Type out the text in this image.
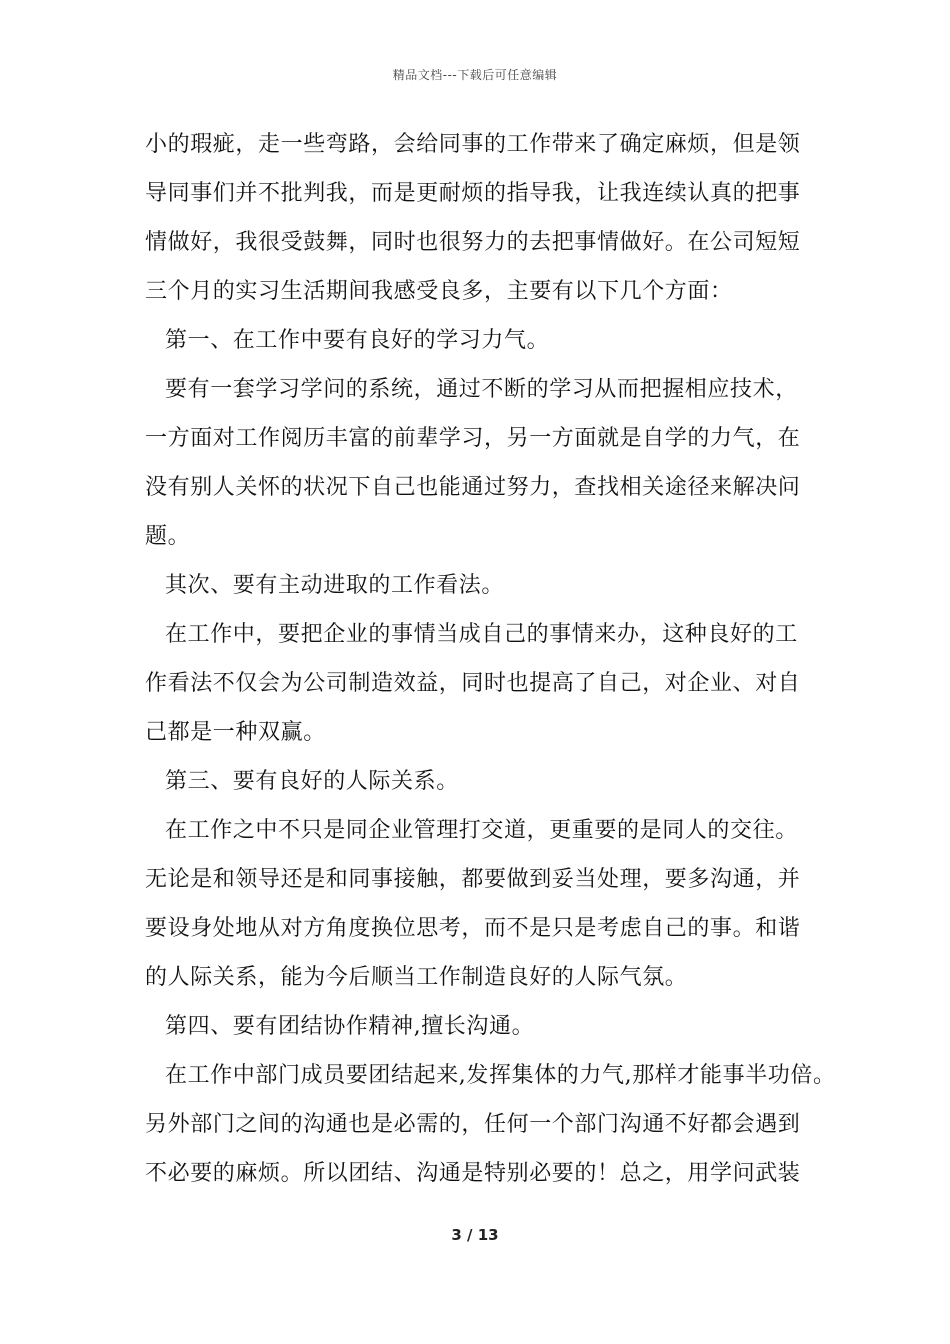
精品文档---下载后可任意编辑
小的瑕疵，走一些弯路，会给同事的工作带来了确定麻烦，但是领
导同事们并不批判我，而是更耐烦的指导我，让我连续认真的把事
情做好，我很受鼓舞，同时也很努力的去把事情做好。在公司短短
三个月的实习生活期间我感受良多，主要有以下几个方面：
第一、在工作中要有良好的学习力气。
要有一套学习学问的系统，通过不断的学习从而把握相应技术，
一方面对工作阅历丰富的前辈学习，另一方面就是自学的力气，在
没有别人关怀的状况下自己也能通过努力，查找相关途径来解决问
题。
其次、要有主动进取的工作看法。
在工作中，要把企业的事情当成自己的事情来办，这种良好的工
作看法不仅会为公司制造效益，同时也提高了自己，对企业、对自
己都是一种双赢。
第三、要有良好的人际关系。
在工作之中不只是同企业管理打交道，更重要的是同人的交往。
无论是和领导还是和同事接触，都要做到妥当处理，要多沟通，并
要设身处地从对方角度换位思考，而不是只是考虑自己的事。和谐
的人际关系，能为今后顺当工作制造良好的人际气氛。
第四、要有团结协作精神,擅长沟通。
在工作中部门成员要团结起来,发挥集体的力气,那样才能事半功倍。
另外部门之间的沟通也是必需的，任何一个部门沟通不好都会遇到
不必要的麻烦。所以团结、沟通是特别必要的！总之，用学问武装
3 / 13
